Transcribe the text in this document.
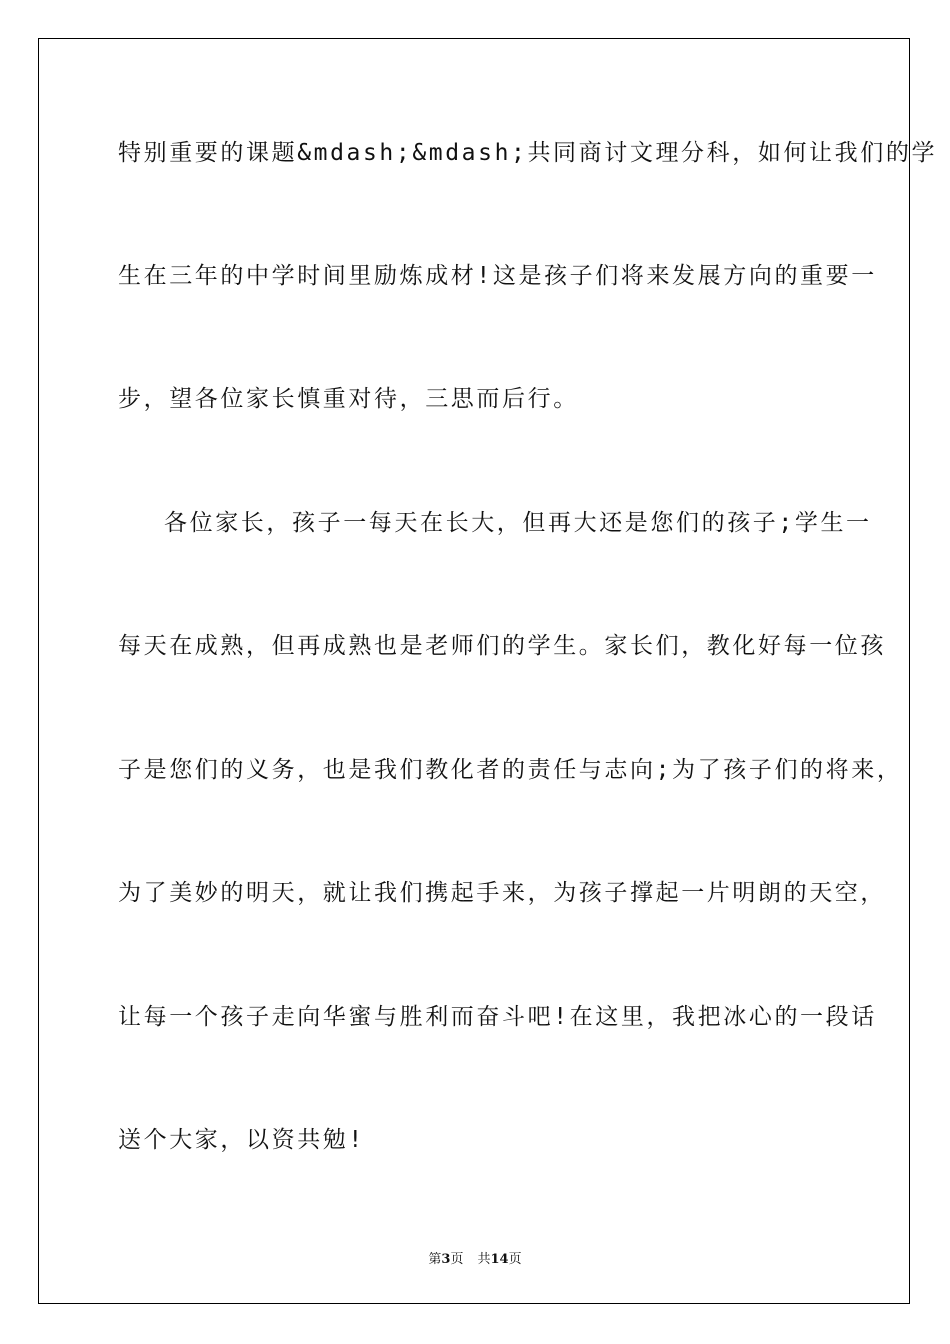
特别重要的课题&mdash;&mdash;共同商讨文理分科，如何让我们的学
生在三年的中学时间里励炼成材!这是孩子们将来发展方向的重要一
步，望各位家长慎重对待，三思而后行。
各位家长，孩子一每天在长大，但再大还是您们的孩子;学生一
每天在成熟，但再成熟也是老师们的学生。家长们，教化好每一位孩
子是您们的义务，也是我们教化者的责任与志向;为了孩子们的将来，
为了美妙的明天，就让我们携起手来，为孩子撑起一片明朗的天空，
让每一个孩子走向华蜜与胜利而奋斗吧!在这里，我把冰心的一段话
送个大家，以资共勉!
第3页 共14页
